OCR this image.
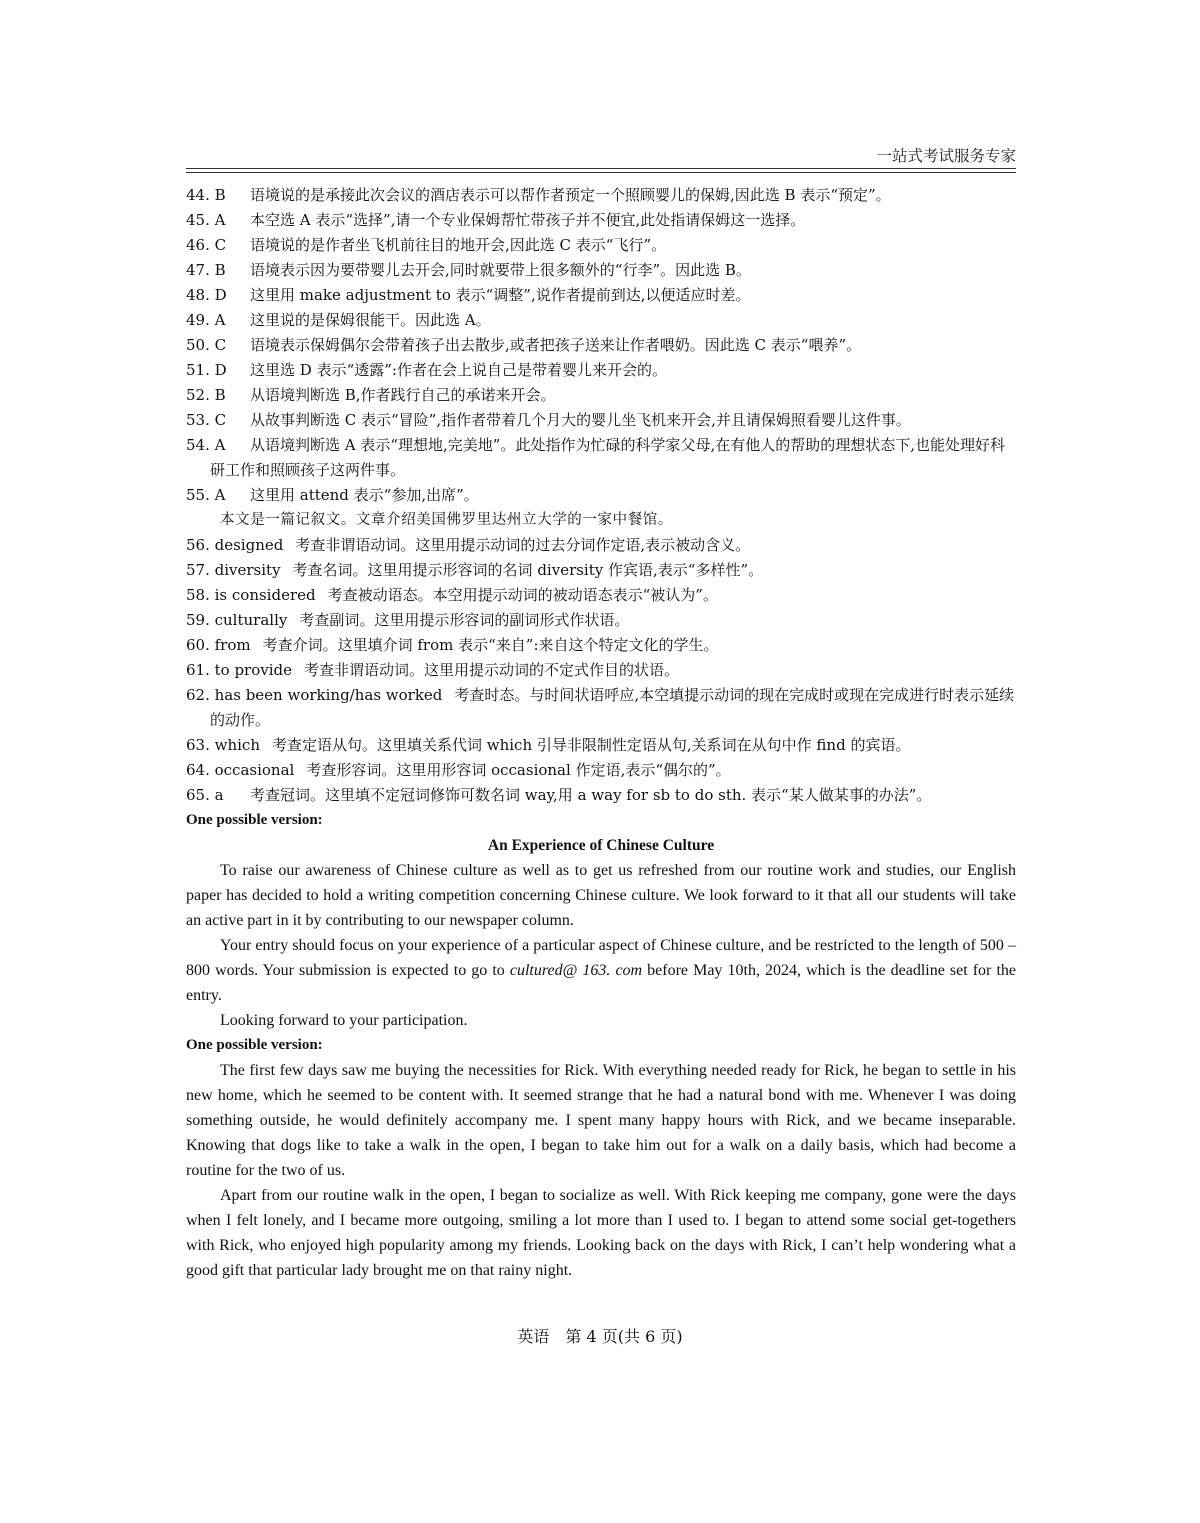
一站式考试服务专家
44. B 语境说的是承接此次会议的酒店表示可以帮作者预定一个照顾婴儿的保姆,因此选 B 表示“预定”。
45. A 本空选 A 表示“选择”,请一个专业保姆帮忙带孩子并不便宜,此处指请保姆这一选择。
46. C 语境说的是作者坐飞机前往目的地开会,因此选 C 表示“飞行”。
47. B 语境表示因为要带婴儿去开会,同时就要带上很多额外的“行李”。因此选 B。
48. D 这里用 make adjustment to 表示“调整”,说作者提前到达,以便适应时差。
49. A 这里说的是保姆很能干。因此选 A。
50. C 语境表示保姆偶尔会带着孩子出去散步,或者把孩子送来让作者喂奶。因此选 C 表示“喂养”。
51. D 这里选 D 表示“透露”:作者在会上说自己是带着婴儿来开会的。
52. B 从语境判断选 B,作者践行自己的承诺来开会。
53. C 从故事判断选 C 表示“冒险”,指作者带着几个月大的婴儿坐飞机来开会,并且请保姆照看婴儿这件事。
54. A 从语境判断选 A 表示“理想地,完美地”。此处指作为忙碌的科学家父母,在有他人的帮助的理想状态下,也能处理好科研工作和照顾孩子这两件事。
55. A 这里用 attend 表示“参加,出席”。
本文是一篇记叙文。文章介绍美国佛罗里达州立大学的一家中餐馆。
56. designed 考查非谓语动词。这里用提示动词的过去分词作定语,表示被动含义。
57. diversity 考查名词。这里用提示形容词的名词 diversity 作宾语,表示“多样性”。
58. is considered 考查被动语态。本空用提示动词的被动语态表示“被认为”。
59. culturally 考查副词。这里用提示形容词的副词形式作状语。
60. from 考查介词。这里填介词 from 表示“来自”:来自这个特定文化的学生。
61. to provide 考查非谓语动词。这里用提示动词的不定式作目的状语。
62. has been working/has worked 考查时态。与时间状语呼应,本空填提示动词的现在完成时或现在完成进行时表示延续的动作。
63. which 考查定语从句。这里填关系代词 which 引导非限制性定语从句,关系词在从句中作 find 的宾语。
64. occasional 考查形容词。这里用形容词 occasional 作定语,表示“偶尔的”。
65. a 考查冠词。这里填不定冠词修饰可数名词 way,用 a way for sb to do sth. 表示“某人做某事的办法”。
One possible version:
An Experience of Chinese Culture
To raise our awareness of Chinese culture as well as to get us refreshed from our routine work and studies, our English paper has decided to hold a writing competition concerning Chinese culture. We look forward to it that all our students will take an active part in it by contributing to our newspaper column.
Your entry should focus on your experience of a particular aspect of Chinese culture, and be restricted to the length of 500 – 800 words. Your submission is expected to go to cultured@ 163. com before May 10th, 2024, which is the deadline set for the entry.
Looking forward to your participation.
One possible version:
The first few days saw me buying the necessities for Rick. With everything needed ready for Rick, he began to settle in his new home, which he seemed to be content with. It seemed strange that he had a natural bond with me. Whenever I was doing something outside, he would definitely accompany me. I spent many happy hours with Rick, and we became inseparable. Knowing that dogs like to take a walk in the open, I began to take him out for a walk on a daily basis, which had become a routine for the two of us.
Apart from our routine walk in the open, I began to socialize as well. With Rick keeping me company, gone were the days when I felt lonely, and I became more outgoing, smiling a lot more than I used to. I began to attend some social get-togethers with Rick, who enjoyed high popularity among my friends. Looking back on the days with Rick, I can’t help wondering what a good gift that particular lady brought me on that rainy night.
英语　第 4 页(共 6 页)
